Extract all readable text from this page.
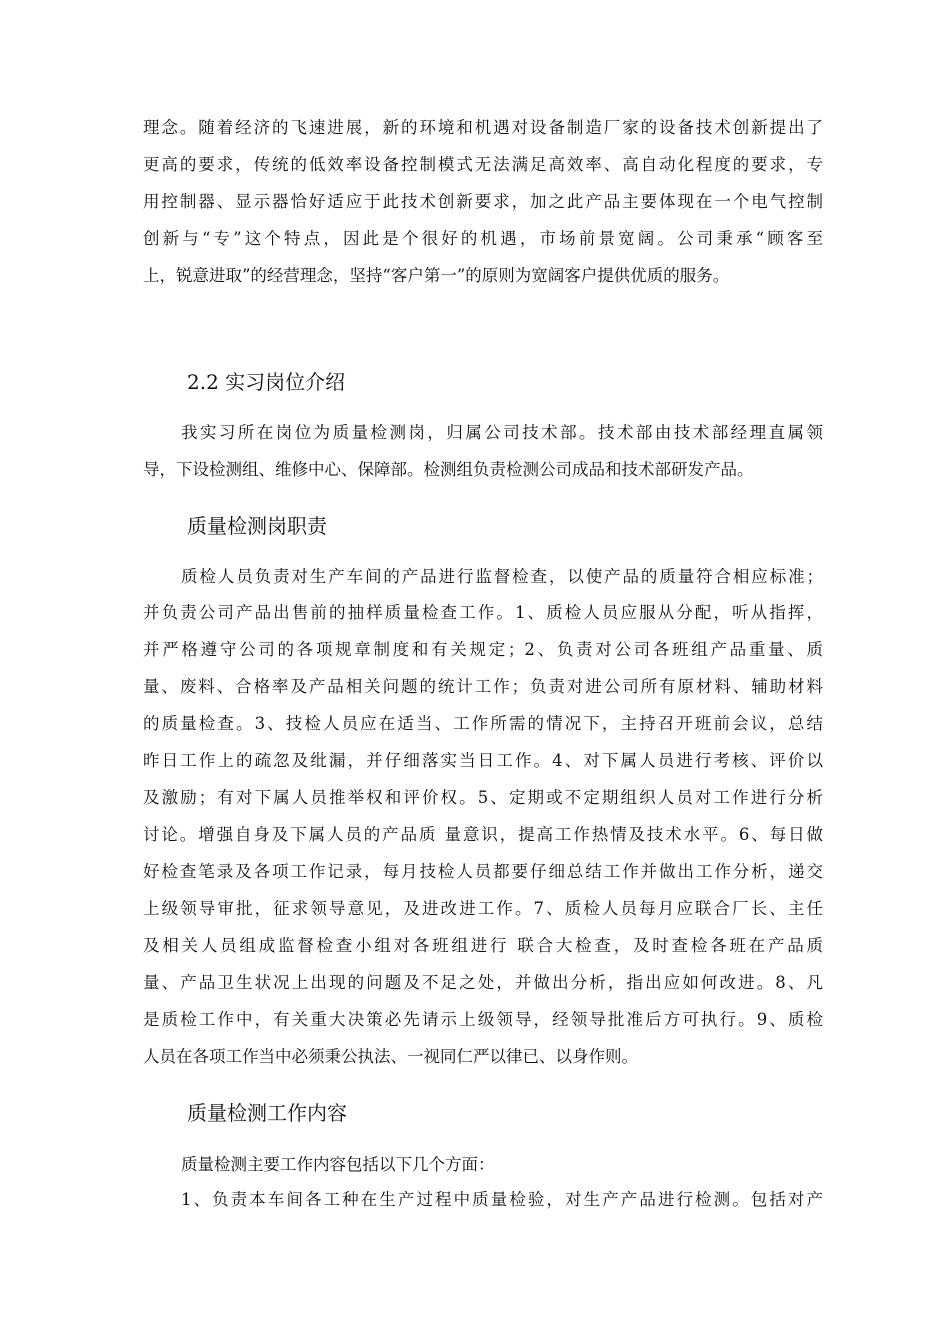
理念。随着经济的飞速进展，新的环境和机遇对设备制造厂家的设备技术创新提出了
更高的要求，传统的低效率设备控制模式无法满足高效率、高自动化程度的要求，专
用控制器、显示器恰好适应于此技术创新要求，加之此产品主要体现在一个电气控制
创新与“专”这个特点，因此是个很好的机遇，市场前景宽阔。公司秉承“顾客至
上，锐意进取”的经营理念，坚持“客户第一”的原则为宽阔客户提供优质的服务。
2.2 实习岗位介绍
我实习所在岗位为质量检测岗，归属公司技术部。技术部由技术部经理直属领
导，下设检测组、维修中心、保障部。检测组负责检测公司成品和技术部研发产品。
质量检测岗职责
质检人员负责对生产车间的产品进行监督检查，以使产品的质量符合相应标准；
并负责公司产品出售前的抽样质量检查工作。1、质检人员应服从分配，听从指挥，
并严格遵守公司的各项规章制度和有关规定；2、负责对公司各班组产品重量、质
量、废料、合格率及产品相关问题的统计工作；负责对进公司所有原材料、辅助材料
的质量检查。3、技检人员应在适当、工作所需的情况下，主持召开班前会议，总结
昨日工作上的疏忽及纰漏，并仔细落实当日工作。4、对下属人员进行考核、评价以
及激励；有对下属人员推举权和评价权。5、定期或不定期组织人员对工作进行分析
讨论。增强自身及下属人员的产品质 量意识，提高工作热情及技术水平。6、每日做
好检查笔录及各项工作记录，每月技检人员都要仔细总结工作并做出工作分析，递交
上级领导审批，征求领导意见，及进改进工作。7、质检人员每月应联合厂长、主任
及相关人员组成监督检查小组对各班组进行 联合大检查，及时查检各班在产品质
量、产品卫生状况上出现的问题及不足之处，并做出分析，指出应如何改进。8、凡
是质检工作中，有关重大决策必先请示上级领导，经领导批准后方可执行。9、质检
人员在各项工作当中必须秉公执法、一视同仁严以律已、以身作则。
质量检测工作内容
质量检测主要工作内容包括以下几个方面：
1、负责本车间各工种在生产过程中质量检验，对生产产品进行检测。包括对产
